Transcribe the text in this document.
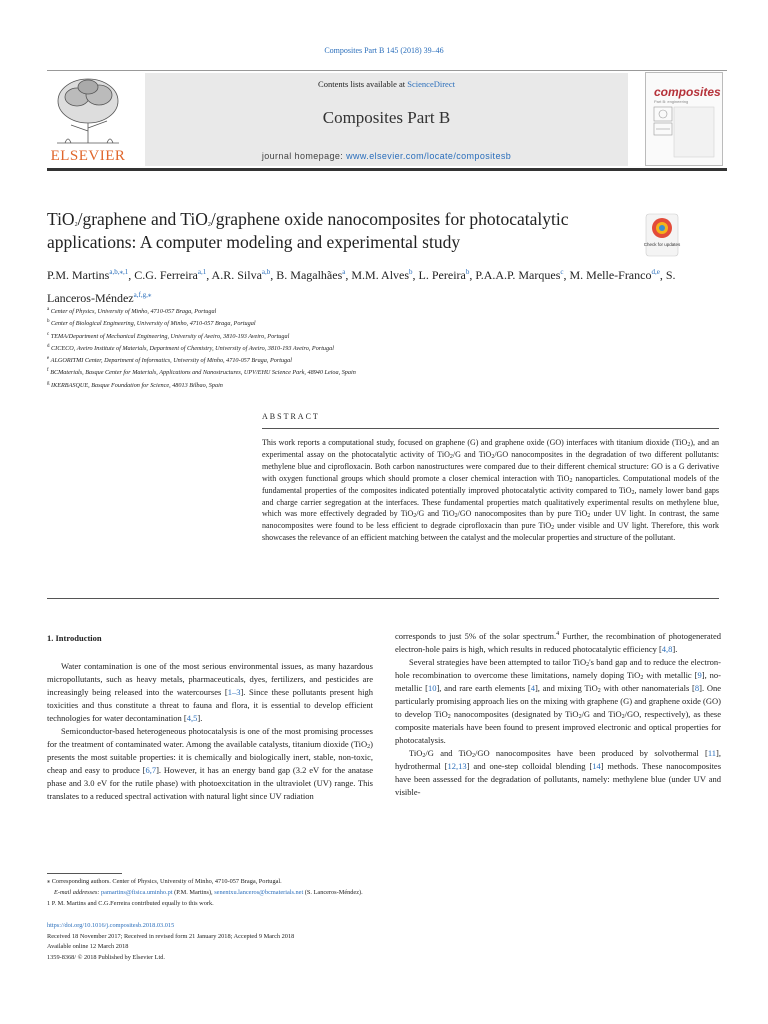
Composites Part B 145 (2018) 39–46
ELSEVIER
Contents lists available at ScienceDirect
Composites Part B
journal homepage: www.elsevier.com/locate/compositesb
composites
Part B: engineering
TiO$_2$/graphene and TiO$_2$/graphene oxide nanocomposites for photocatalytic applications: A computer modeling and experimental study	Check for updates
P.M. Martins$^{a,b,⁎,1}$, C.G. Ferreira$^{a,1}$, A.R. Silva$^{a,b}$, B. Magalhães$^a$, M.M. Alves$^b$, L. Pereira$^b$, P.A.A.P. Marques$^c$, M. Melle-Franco$^{d,e}$, S. Lanceros-Méndez$^{a,f,g,⁎}$
$^a$ Center of Physics, University of Minho, 4710-057 Braga, Portugal
$^b$ Center of Biological Engineering, University of Minho, 4710-057 Braga, Portugal
$^c$ TEMA/Department of Mechanical Engineering, University of Aveiro, 3810-193 Aveiro, Portugal
$^d$ CICECO, Aveiro Institute of Materials, Department of Chemistry, University of Aveiro, 3810-193 Aveiro, Portugal
$^e$ ALGORITMI Center, Department of Informatics, University of Minho, 4710-057 Braga, Portugal
$^f$ BCMaterials, Basque Center for Materials, Applications and Nanostructures, UPV/EHU Science Park, 48940 Leioa, Spain
$^g$ IKERBASQUE, Basque Foundation for Science, 48013 Bilbao, Spain
ABSTRACT
This work reports a computational study, focused on graphene (G) and graphene oxide (GO) interfaces with titanium dioxide (TiO$_2$), and an experimental assay on the photocatalytic activity of TiO$_2$/G and TiO$_2$/GO nanocomposites in the degradation of two different pollutants: methylene blue and ciprofloxacin. Both carbon nanostructures were compared due to their different chemical structure: GO is a G derivative with oxygen functional groups which should promote a closer chemical interaction with TiO$_2$ nanoparticles. Computational models of the fundamental properties of the composites indicated potentially improved photocatalytic activity compared to TiO$_2$, namely lower band gaps and charge carrier segregation at the interfaces. These fundamental properties match qualitatively experimental results on methylene blue, which was more effectively degraded by TiO$_2$/G and TiO$_2$/GO nanocomposites than by pure TiO$_2$ under UV light. In contrast, the same nanocomposites were found to be less efficient to degrade ciprofloxacin than pure TiO$_2$ under visible and UV light. Therefore, this work showcases the relevance of an efficient matching between the catalyst and the molecular properties and structure of the pollutant.
1. Introduction

Water contamination is one of the most serious environmental issues, as many hazardous micropollutants, such as heavy metals, pharmaceuticals, dyes, fertilizers, and pesticides are increasingly being released into the watercourses [1–3]. Since these pollutants present high toxicities and thus constitute a threat to fauna and flora, it is essential to develop efficient technologies for water decontamination [4,5].

Semiconductor-based heterogeneous photocatalysis is one of the most promising processes for the treatment of contaminated water. Among the available catalysts, titanium dioxide (TiO$_2$) presents the most suitable properties: it is chemically and biologically inert, stable, non-toxic, cheap and easy to produce [6,7]. However, it has an energy band gap (3.2 eV for the anatase phase and 3.0 eV for the rutile phase) with photoexcitation in the ultraviolet (UV) range. This translates to a reduced spectral activation with natural light since UV radiation

corresponds to just 5% of the solar spectrum.$^4$ Further, the recombination of photogenerated electron-hole pairs is high, which results in reduced photocatalytic efficiency [4,8].

Several strategies have been attempted to tailor TiO$_2$'s band gap and to reduce the electron-hole recombination to overcome these limitations, namely doping TiO$_2$ with metallic [9], no-metallic [10], and rare earth elements [4], and mixing TiO$_2$ with other nanomaterials [8]. One particularly promising approach lies on the mixing with graphene (G) and graphene oxide (GO) to develop TiO$_2$ nanocomposites (designated by TiO$_2$/G and TiO$_2$/GO, respectively), as these composite materials have been found to present improved electronic and optical properties for photocatalysis.

TiO$_2$/G and TiO$_2$/GO nanocomposites have been produced by solvothermal [11], hydrothermal [12,13] and one-step colloidal blending [14] methods. These nanocomposites have been assessed for the degradation of pollutants, namely: methylene blue (under UV and visible-

⁎ Corresponding authors. Center of Physics, University of Minho, 4710-057 Braga, Portugal.
E-mail addresses: pamartins@fisica.uminho.pt (P.M. Martins), senentxu.lanceros@bcmaterials.net (S. Lanceros-Méndez).
1 P. M. Martins and C.G.Ferreira contributed equally to this work.
https://doi.org/10.1016/j.compositesb.2018.03.015
Received 18 November 2017; Received in revised form 21 January 2018; Accepted 9 March 2018
Available online 12 March 2018
1359-8368/ © 2018 Published by Elsevier Ltd.
